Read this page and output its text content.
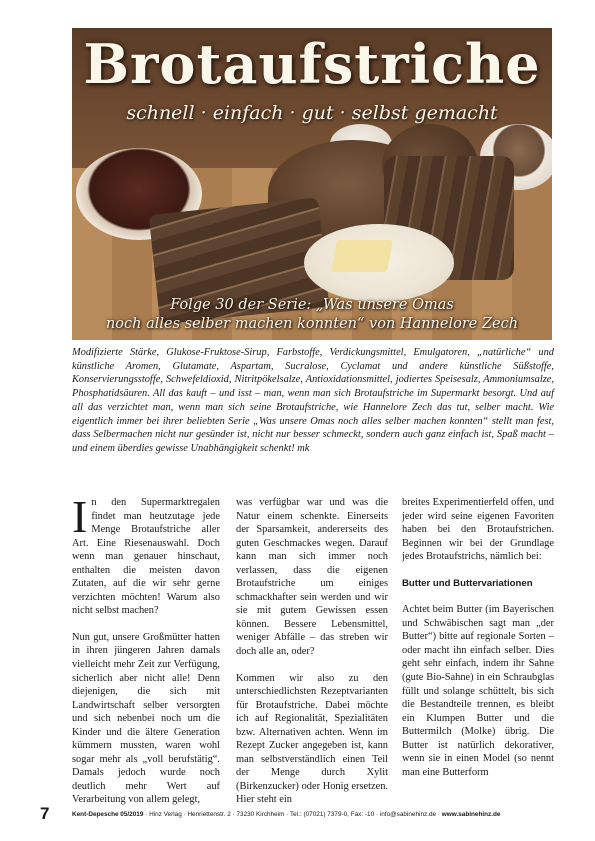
Brotaufstriche
schnell · einfach · gut · selbst gemacht
Folge 30 der Serie: „Was unsere Omas
noch alles selber machen konnten“ von Hannelore Zech
Modifizierte Stärke, Glukose-Fruktose-Sirup, Farbstoffe, Verdickungsmittel, Emulgatoren, „natürliche“ und künstliche Aromen, Glutamate, Aspartam, Sucralose, Cyclamat und andere künstliche Süßstoffe, Konservierungsstoffe, Schwefeldioxid, Nitritpökelsalze, Antioxidationsmittel, jodiertes Speisesalz, Ammoniumsalze, Phosphatidsäuren. All das kauft – und isst – man, wenn man sich Brotaufstriche im Supermarkt besorgt. Und auf all das verzichtet man, wenn man sich seine Brotaufstriche, wie Hannelore Zech das tut, selber macht. Wie eigentlich immer bei ihrer beliebten Serie „Was unsere Omas noch alles selber machen konnten“ stellt man fest, dass Selbermachen nicht nur gesünder ist, nicht nur besser schmeckt, sondern auch ganz einfach ist, Spaß macht – und einem überdies gewisse Unabhängigkeit schenkt! mk

In den Supermarktregalen findet man heutzutage jede Menge Brotaufstriche aller Art. Eine Riesenauswahl. Doch wenn man genauer hinschaut, enthalten die meisten davon Zutaten, auf die wir sehr gerne verzichten möchten! Warum also nicht selbst machen?

Nun gut, unsere Großmütter hatten in ihren jüngeren Jahren damals vielleicht mehr Zeit zur Verfügung, sicherlich aber nicht alle! Denn diejenigen, die sich mit Landwirtschaft selber versorgten und sich nebenbei noch um die Kinder und die ältere Generation kümmern mussten, waren wohl sogar mehr als „voll berufstätig“. Damals jedoch wurde noch deutlich mehr Wert auf Verarbeitung von allem gelegt,

was verfügbar war und was die Natur einem schenkte. Einerseits der Sparsamkeit, andererseits des guten Geschmackes wegen. Darauf kann man sich immer noch verlassen, dass die eigenen Brotaufstriche um einiges schmackhafter sein werden und wir sie mit gutem Gewissen essen können. Bessere Lebensmittel, weniger Abfälle – das streben wir doch alle an, oder?

Kommen wir also zu den unterschiedlichsten Rezeptvarianten für Brotaufstriche. Dabei möchte ich auf Regionalität, Spezialitäten bzw. Alternativen achten. Wenn im Rezept Zucker angegeben ist, kann man selbstverständlich einen Teil der Menge durch Xylit (Birkenzucker) oder Honig ersetzen. Hier steht ein

breites Experimentierfeld offen, und jeder wird seine eigenen Favoriten haben bei den Brotaufstrichen. Beginnen wir bei der Grundlage jedes Brotaufstrichs, nämlich bei:

Butter und Buttervariationen

Achtet beim Butter (im Bayerischen und Schwäbischen sagt man „der Butter“) bitte auf regionale Sorten – oder macht ihn einfach selber. Dies geht sehr einfach, indem ihr Sahne (gute Bio-Sahne) in ein Schraubglas füllt und solange schüttelt, bis sich die Bestandteile trennen, es bleibt ein Klumpen Butter und die Buttermilch (Molke) übrig. Die Butter ist natürlich dekorativer, wenn sie in einen Model (so nennt man eine Butterform

7	Kent-Depesche 05/2019 · Hinz Verlag · Henriettenstr. 2 · 73230 Kirchheim · Tel.: (07021) 7379-0, Fax: -10 · info@sabinehinz.de · www.sabinehinz.de
